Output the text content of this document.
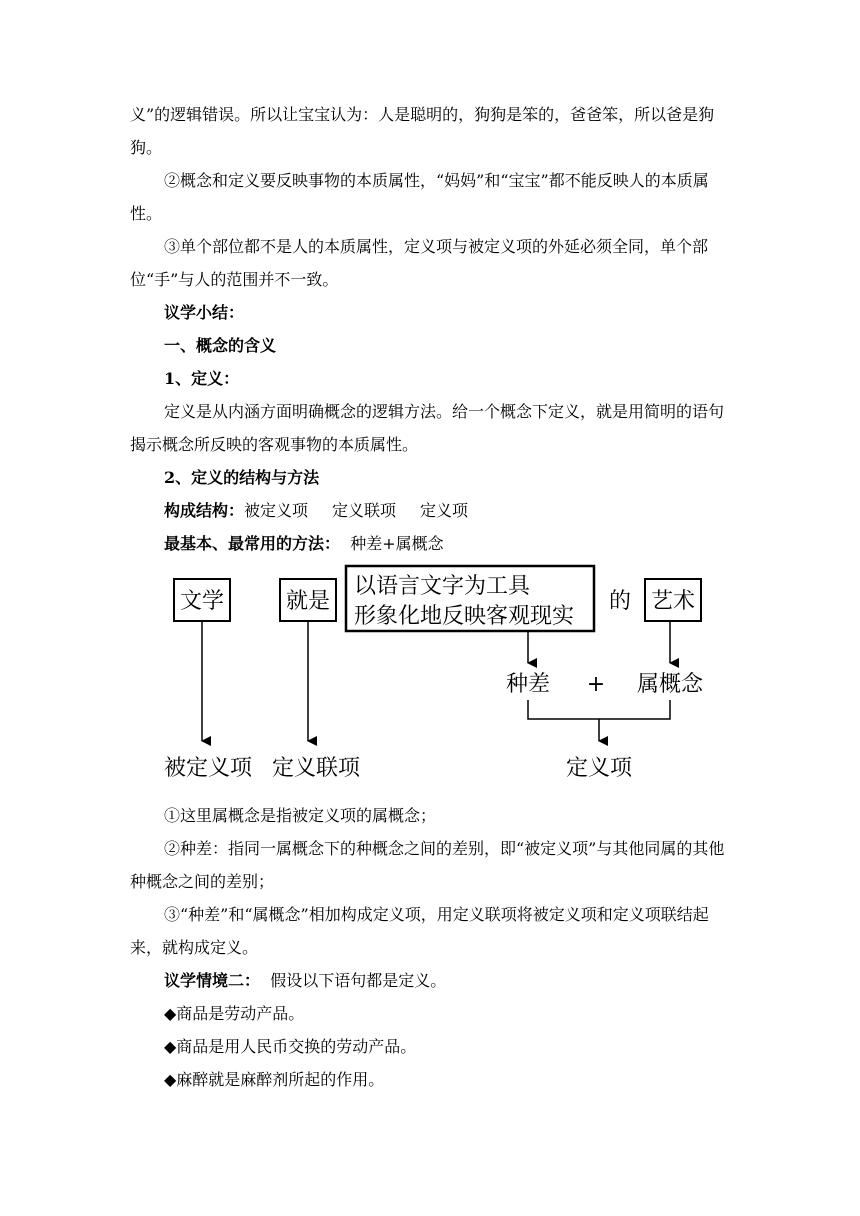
义”的逻辑错误。所以让宝宝认为：人是聪明的，狗狗是笨的，爸爸笨，所以爸是狗狗。

②概念和定义要反映事物的本质属性，“妈妈”和“宝宝”都不能反映人的本质属性。

③单个部位都不是人的本质属性，定义项与被定义项的外延必须全同，单个部位“手”与人的范围并不一致。

议学小结：

一、概念的含义

1、定义：

定义是从内涵方面明确概念的逻辑方法。给一个概念下定义，就是用简明的语句揭示概念所反映的客观事物的本质属性。

2、定义的结构与方法

构成结构：被定义项 定义联项 定义项

最基本、最常用的方法： 种差+属概念

文学	就是
以语言文字为工具
形象化地反映客观现实
的 艺术
种差 + 属概念
被定义项 定义联项	定义项

①这里属概念是指被定义项的属概念；

②种差：指同一属概念下的种概念之间的差别，即“被定义项”与其他同属的其他种概念之间的差别；

③“种差”和“属概念”相加构成定义项，用定义联项将被定义项和定义项联结起来，就构成定义。

议学情境二： 假设以下语句都是定义。

◆商品是劳动产品。

◆商品是用人民币交换的劳动产品。

◆麻醉就是麻醉剂所起的作用。
